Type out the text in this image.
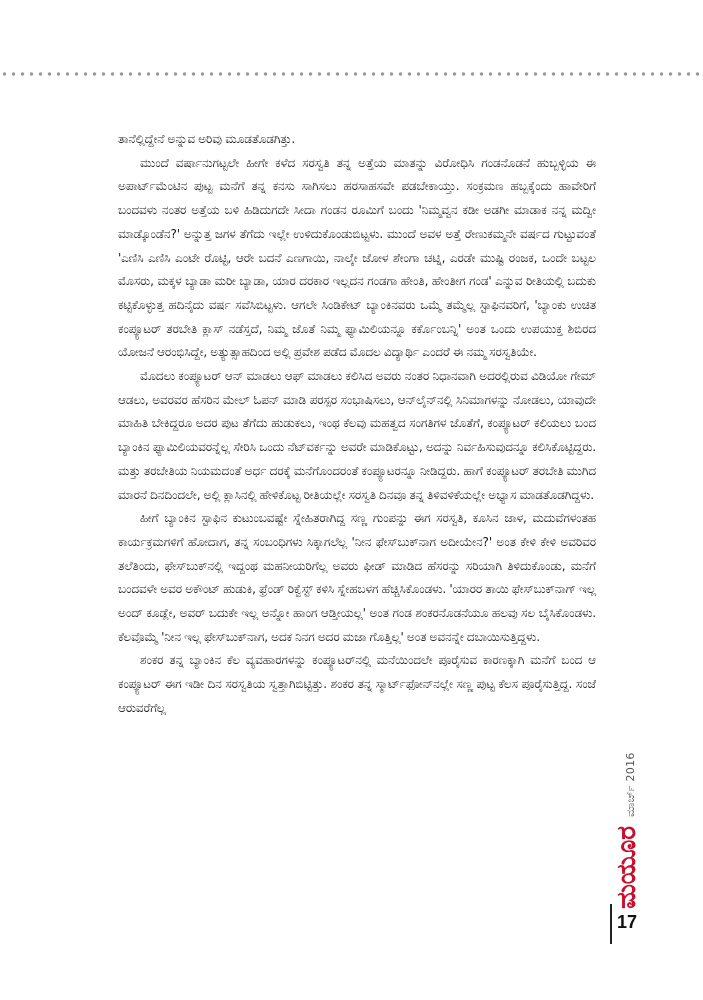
ತಾನೆಲ್ಲಿದ್ದೇನೆ ಅನ್ನುವ ಅರಿವು ಮೂಡತೊಡಗಿತ್ತು.

ಮುಂದೆ ವರ್ಷಾನುಗಟ್ಟಲೇ ಹೀಗೇ ಕಳೆದ ಸರಸ್ವತಿ ತನ್ನ ಅತ್ತೆಯ ಮಾತನ್ನು ವಿರೋಧಿಸಿ ಗಂಡನೊಡನೆ ಹುಬ್ಬಳ್ಳಿಯ ಈ ಅಪಾರ್ಟ್‌ಮೆಂಟಿನ ಪುಟ್ಟ ಮನೆಗೆ ತನ್ನ ಕನಸು ಸಾಗಿಸಲು ಹರಸಾಹಸವೇ ಪಡಬೇಕಾಯ್ತು. ಸಂಕ್ರಮಣ ಹಬ್ಬಕ್ಕೆಂದು ಹಾವೇರಿಗೆ ಬಂದವಳು ನಂತರ ಅತ್ತೆಯ ಬಳಿ ಹಿಡಿದುಗದೇ ಸೀದಾ ಗಂಡನ ರೂಮಿಗೆ ಬಂದು 'ನಿಮ್ಮವ್ವನ ಕಡೀ ಅಡಗೀ ಮಾಡಾಕ ನನ್ನ ಮದ್ವೀ ಮಾಡ್ಕೊಂಡೆನ?' ಅನ್ನುತ್ತ ಜಗಳ ತೆಗೆದು ಇಲ್ಲೇ ಉಳಿದುಕೊಂಡುಬಿಟ್ಟಳು. ಮುಂದೆ ಅವಳ ಅತ್ತೆ ರೇಣುಕಮ್ಮನೇ ವರ್ಷದ ಗುಟ್ಟುವಂತೆ 'ಎಣಿಸಿ ಎಣಿಸಿ ಎಂಟೇ ರೊಟ್ಟಿ, ಆರೇ ಬದನೆ ಎಣಗಾಯಿ, ನಾಲ್ಕೇ ಜೋಳ ಶೇಂಗಾ ಚಟ್ನಿ, ಎರಡೇ ಮುಷ್ಟಿ ರಂಜಕ, ಒಂದೇ ಬಟ್ಟಲ ಮೊಸರು, ಮಕ್ಕಳ ಬ್ಯಾಡಾ ಮರೀ ಬ್ಯಾಡಾ, ಯಾರ ದರಕಾರ ಇಲ್ಲದನ ಗಂಡಗಾ ಹೇಂತಿ, ಹೇಂತೀಗ ಗಂಡ' ಎನ್ನುವ ರೀತಿಯಲ್ಲಿ ಬದುಕು ಕಟ್ಟಿಕೊಳ್ಳುತ್ತ ಹದಿನೈದು ವರ್ಷ ಸವೆಸಿಬಿಟ್ಟಳು. ಆಗಲೇ ಸಿಂಡಿಕೇಟ್ ಬ್ಯಾಂಕಿನವರು ಒಮ್ಮೆ ತಮ್ಮೆಲ್ಲ ಸ್ಟಾಫಿನವರಿಗೆ, 'ಬ್ಯಾಂಕು ಉಚಿತ ಕಂಪ್ಯೂಟರ್ ತರಬೇತಿ ಕ್ಲಾಸ್ ನಡೆಸ್ತದೆ, ನಿಮ್ಮ ಜೊತೆ ನಿಮ್ಮ ಫ್ಯಾಮಿಲಿಯನ್ನೂ ಕರ್ಕೊಂಬನ್ನಿ' ಅಂತ ಒಂದು ಉಪಯುಕ್ತ ಶಿಬಿರದ ಯೋಜನೆ ಆರಂಭಿಸಿದ್ದೇ, ಅತ್ಯುತ್ಸಾಹದಿಂದ ಅಲ್ಲಿ ಪ್ರವೇಶ ಪಡೆದ ಮೊದಲ ವಿದ್ಯಾರ್ಥಿ ಎಂದರೆ ಈ ನಮ್ಮ ಸರಸ್ವತಿಯೇ.

ಮೊದಲು ಕಂಪ್ಯೂಟರ್ ಆನ್ ಮಾಡಲು ಆಫ್ ಮಾಡಲು ಕಲಿಸಿದ ಅವರು ನಂತರ ನಿಧಾನವಾಗಿ ಅದರಲ್ಲಿರುವ ವಿಡಿಯೋ ಗೇಮ್ ಆಡಲು, ಅವರವರ ಹೆಸರಿನ ಮೇಲ್ ಓಪನ್ ಮಾಡಿ ಪರಸ್ಪರ ಸಂಭಾಷಿಸಲು, ಆನ್‌ಲೈನ್‌ನಲ್ಲಿ ಸಿನಿಮಾಗಳನ್ನು ನೋಡಲು, ಯಾವುದೇ ಮಾಹಿತಿ ಬೇಕಿದ್ದರೂ ಅದರ ಪುಟ ತೆಗೆದು ಹುಡುಕಲು, ಇಂಥ ಕೆಲವು ಮಹತ್ವದ ಸಂಗತಿಗಳ ಜೊತೆಗೆ, ಕಂಪ್ಯೂಟರ್ ಕಲಿಯಲು ಬಂದ ಬ್ಯಾಂಕಿನ ಫ್ಯಾಮಿಲಿಯವರನ್ನೆಲ್ಲ ಸೇರಿಸಿ ಒಂದು ನೆಟ್‌ವರ್ಕನ್ನು ಅವರೇ ಮಾಡಿಕೊಟ್ಟು, ಅದನ್ನು ನಿರ್ವಹಿಸುವುದನ್ನೂ ಕಲಿಸಿಕೊಟ್ಟಿದ್ದರು. ಮತ್ತು ತರಬೇತಿಯ ನಿಯಮದಂತೆ ಅರ್ಧ ದರಕ್ಕೆ ಮನೆಗೊಂದರಂತೆ ಕಂಪ್ಯೂಟರನ್ನೂ ನೀಡಿದ್ದರು. ಹಾಗೆ ಕಂಪ್ಯೂಟರ್ ತರಬೇತಿ ಮುಗಿದ ಮಾರನೆ ದಿನದಿಂದಲೇ, ಅಲ್ಲಿ ಕ್ಲಾಸಿನಲ್ಲಿ ಹೇಳಿಕೊಟ್ಟ ರೀತಿಯಲ್ಲೇ ಸರಸ್ವತಿ ದಿನವೂ ತನ್ನ ತಿಳಿವಳಿಕೆಯಲ್ಲೇ ಅಭ್ಯಾಸ ಮಾಡತೊಡಗಿದ್ದಳು.

ಹೀಗೆ ಬ್ಯಾಂಕಿನ ಸ್ಟಾಫಿನ ಕುಟುಂಬವಷ್ಟೇ ಸ್ನೇಹಿತರಾಗಿದ್ದ ಸಣ್ಣ ಗುಂಪನ್ನು ಈಗ ಸರಸ್ವತಿ, ಕೂಸಿನ ಜಾಳ, ಮದುವೆಗಳಂತಹ ಕಾರ್ಯಕ್ರಮಗಳಿಗೆ ಹೋದಾಗ, ತನ್ನ ಸಂಬಂಧಿಗಳು ಸಿಕ್ಕಾಗಲೆಲ್ಲ 'ನೀನ ಫೇಸ್‌ಬುಕ್‌ನಾಗ ಅದೀಯೇನ?' ಅಂತ ಕೇಳಿ ಕೇಳಿ ಅವರಿವರ ತಲೆತಿಂದು, ಫೇಸ್‌ಬುಕ್‌ನಲ್ಲಿ ಇದ್ದಂಥ ಮಹನೀಯರಿಗೆಲ್ಲ ಅವರು ಫೀಡ್ ಮಾಡಿದ ಹೆಸರನ್ನು ಸರಿಯಾಗಿ ತಿಳಿದುಕೊಂಡು, ಮನೆಗೆ ಬಂದವಳೇ ಅವರ ಅಕೌಂಟ್ ಹುಡುಕಿ, ಫ್ರೆಂಡ್ ರಿಕ್ವೆಸ್ಟ್ ಕಳಿಸಿ ಸ್ನೇಹಬಳಗ ಹೆಚ್ಚಿಸಿಕೊಂಡಳು. 'ಯಾರರ ತಾಯಿ ಫೇಸ್‌ಬುಕ್‌ನಾಗ್ ಇಲ್ಲ ಅಂದ್ ಕೂಡ್ಲೇ, ಅವರ್ ಬದುಕೇ ಇಲ್ಲ ಅನ್ನೋ ಹಾಂಗ ಆಡ್ತೀಯಲ್ಲ' ಅಂತ ಗಂಡ ಶಂಕರನೊಡನೆಯೂ ಹಲವು ಸಲ ಬೈಸಿಕೊಂಡಳು. ಕೆಲವೊಮ್ಮೆ 'ನೀನ ಇಲ್ಲ ಫೇಸ್‌ಬುಕ್‌ನಾಗ, ಅದಕ ನಿನಗ ಅದರ ಮಜಾ ಗೊತ್ತಿಲ್ಲ' ಅಂತ ಅವನನ್ನೇ ದಬಾಯಿಸುತ್ತಿದ್ದಳು.

ಶಂಕರ ತನ್ನ ಬ್ಯಾಂಕಿನ ಕೆಲ ವ್ಯವಹಾರಗಳನ್ನು ಕಂಪ್ಯೂಟರ್‌ನಲ್ಲಿ ಮನೆಯಿಂದಲೇ ಪೂರೈಸುವ ಕಾರಣಕ್ಕಾಗಿ ಮನೆಗೆ ಬಂದ ಆ ಕಂಪ್ಯೂಟರ್ ಈಗ ಇಡೀ ದಿನ ಸರಸ್ವತಿಯ ಸ್ವತ್ತಾಗಿಬಿಟ್ಟಿತ್ತು. ಶಂಕರ ತನ್ನ ಸ್ಮಾರ್ಟ್‌ಫೋನ್‌ನಲ್ಲೇ ಸಣ್ಣ ಪುಟ್ಟ ಕೆಲಸ ಪೂರೈಸುತ್ತಿದ್ದ. ಸಂಜೆ ಆರುವರೆಗೆಲ್ಲ

ಮಾರ್ಚ್ 2016
ಮಯೂರ
17
